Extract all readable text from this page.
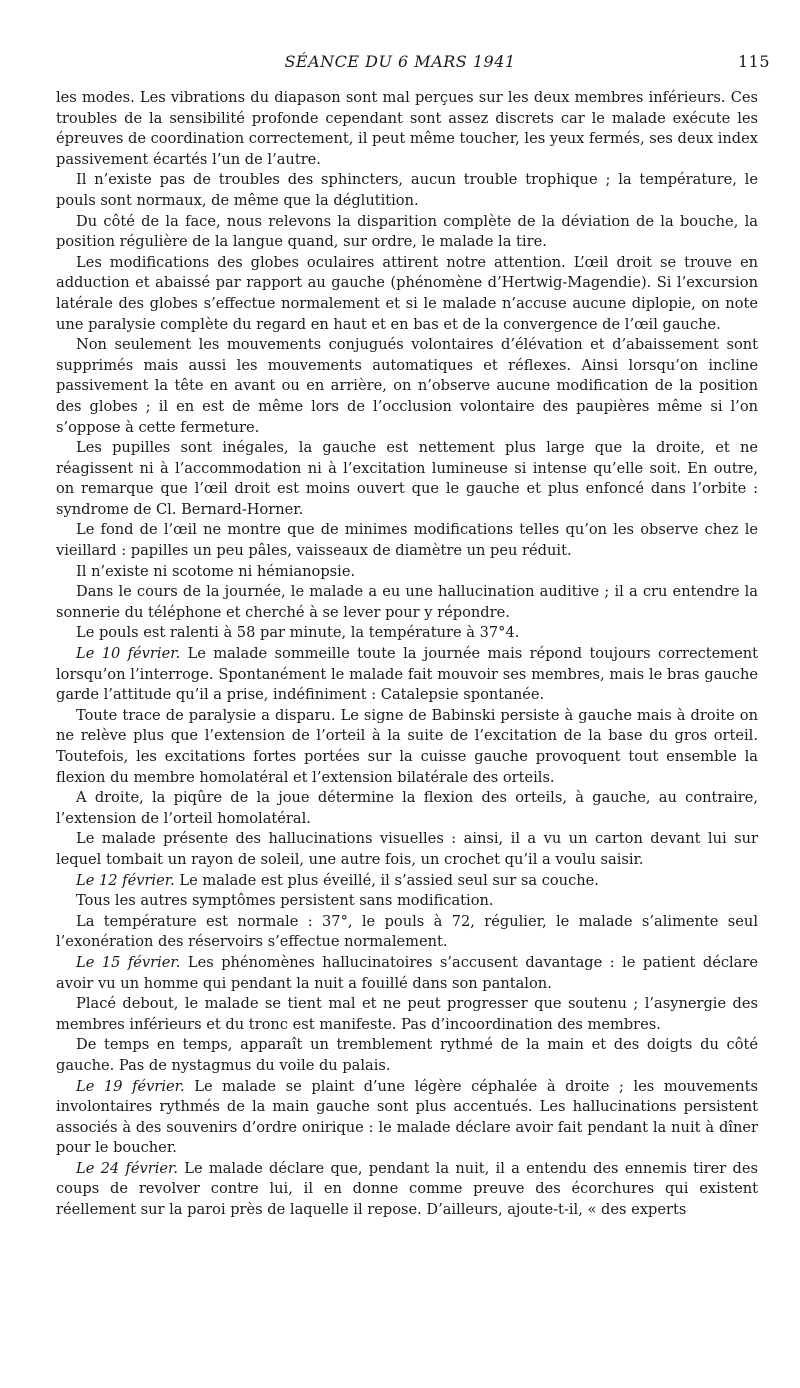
SÉANCE DU 6 MARS 1941	115

les modes. Les vibrations du diapason sont mal perçues sur les deux membres inférieurs. Ces troubles de la sensibilité profonde cependant sont assez discrets car le malade exécute les épreuves de coordination correctement, il peut même toucher, les yeux fermés, ses deux index passivement écartés l’un de l’autre.

Il n’existe pas de troubles des sphincters, aucun trouble trophique ; la température, le pouls sont normaux, de même que la déglutition.

Du côté de la face, nous relevons la disparition complète de la déviation de la bouche, la position régulière de la langue quand, sur ordre, le malade la tire.

Les modifications des globes oculaires attirent notre attention. L’œil droit se trouve en adduction et abaissé par rapport au gauche (phénomène d’Hertwig-Magendie). Si l’excursion latérale des globes s’effectue normalement et si le malade n’accuse aucune diplopie, on note une paralysie complète du regard en haut et en bas et de la convergence de l’œil gauche.

Non seulement les mouvements conjugués volontaires d’élévation et d’abaissement sont supprimés mais aussi les mouvements automatiques et réflexes. Ainsi lorsqu’on incline passivement la tête en avant ou en arrière, on n’observe aucune modification de la position des globes ; il en est de même lors de l’occlusion volontaire des paupières même si l’on s’oppose à cette fermeture.

Les pupilles sont inégales, la gauche est nettement plus large que la droite, et ne réagissent ni à l’accommodation ni à l’excitation lumineuse si intense qu’elle soit. En outre, on remarque que l’œil droit est moins ouvert que le gauche et plus enfoncé dans l’orbite : syndrome de Cl. Bernard-Horner.

Le fond de l’œil ne montre que de minimes modifications telles qu’on les observe chez le vieillard : papilles un peu pâles, vaisseaux de diamètre un peu réduit.

Il n’existe ni scotome ni hémianopsie.

Dans le cours de la journée, le malade a eu une hallucination auditive ; il a cru entendre la sonnerie du téléphone et cherché à se lever pour y répondre.

Le pouls est ralenti à 58 par minute, la température à 37°4.

Le 10 février. Le malade sommeille toute la journée mais répond toujours correctement lorsqu’on l’interroge. Spontanément le malade fait mouvoir ses membres, mais le bras gauche garde l’attitude qu’il a prise, indéfiniment : Catalepsie spontanée.

Toute trace de paralysie a disparu. Le signe de Babinski persiste à gauche mais à droite on ne relève plus que l’extension de l’orteil à la suite de l’excitation de la base du gros orteil. Toutefois, les excitations fortes portées sur la cuisse gauche provoquent tout ensemble la flexion du membre homolatéral et l’extension bilatérale des orteils.

A droite, la piqûre de la joue détermine la flexion des orteils, à gauche, au contraire, l’extension de l’orteil homolatéral.

Le malade présente des hallucinations visuelles : ainsi, il a vu un carton devant lui sur lequel tombait un rayon de soleil, une autre fois, un crochet qu’il a voulu saisir.

Le 12 février. Le malade est plus éveillé, il s’assied seul sur sa couche.

Tous les autres symptômes persistent sans modification.

La température est normale : 37°, le pouls à 72, régulier, le malade s’alimente seul l’exonération des réservoirs s’effectue normalement.

Le 15 février. Les phénomènes hallucinatoires s’accusent davantage : le patient déclare avoir vu un homme qui pendant la nuit a fouillé dans son pantalon.

Placé debout, le malade se tient mal et ne peut progresser que soutenu ; l’asynergie des membres inférieurs et du tronc est manifeste. Pas d’incoordination des membres.

De temps en temps, apparaît un tremblement rythmé de la main et des doigts du côté gauche. Pas de nystagmus du voile du palais.

Le 19 février. Le malade se plaint d’une légère céphalée à droite ; les mouvements involontaires rythmés de la main gauche sont plus accentués. Les hallucinations persistent associés à des souvenirs d’ordre onirique : le malade déclare avoir fait pendant la nuit à dîner pour le boucher.

Le 24 février. Le malade déclare que, pendant la nuit, il a entendu des ennemis tirer des coups de revolver contre lui, il en donne comme preuve des écorchures qui existent réellement sur la paroi près de laquelle il repose. D’ailleurs, ajoute-t-il, « des experts
